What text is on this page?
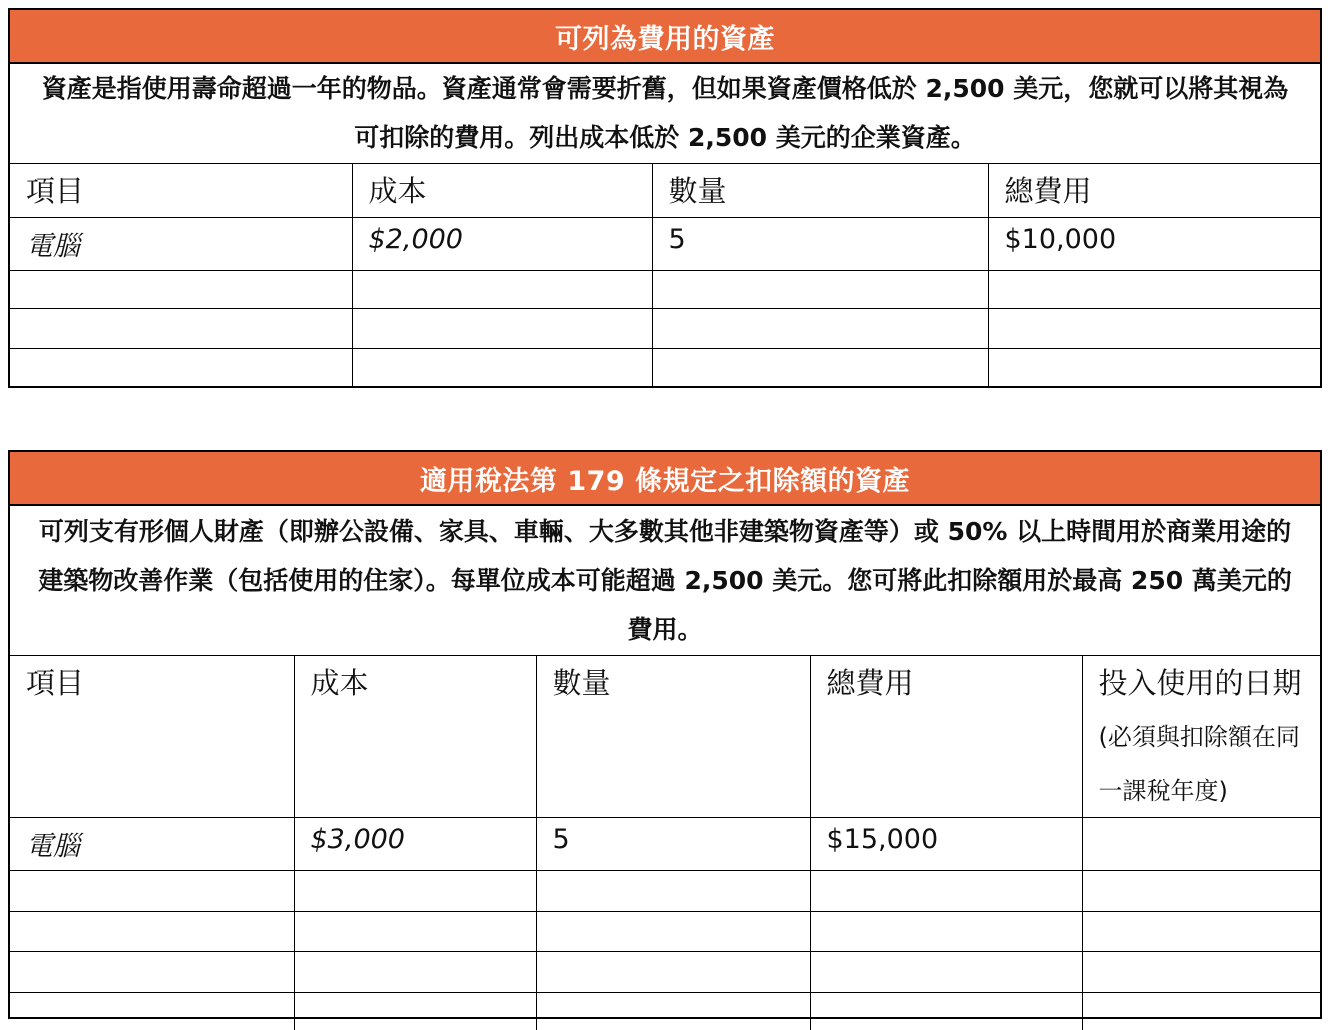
可列為費用的資產			
資產是指使用壽命超過一年的物品。資產通常會需要折舊，但如果資產價格低於 2,500 美元，您就可以將其視為可扣除的費用。列出成本低於 2,500 美元的企業資產。			
項目	成本	數量	總費用
電腦	$2,000	5	$10,000

適用稅法第 179 條規定之扣除額的資產				
可列支有形個人財產（即辦公設備、家具、車輛、大多數其他非建築物資產等）或 50% 以上時間用於商業用途的建築物改善作業（包括使用的住家）。每單位成本可能超過 2,500 美元。您可將此扣除額用於最高 250 萬美元的費用。				
項目	成本	數量	總費用	投入使用的日期(必須與扣除額在同一課稅年度)
電腦	$3,000	5	$15,000	
